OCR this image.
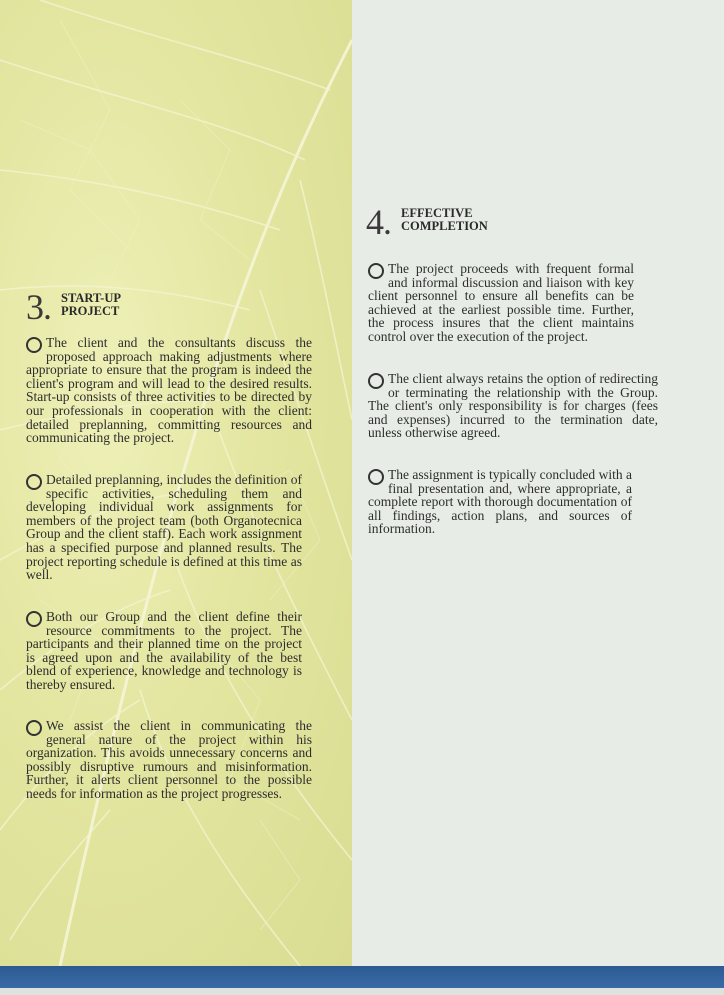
3. START-UP
PROJECT

The client and the consultants discuss the proposed approach making adjustments where appropriate to ensure that the program is indeed the client's program and will lead to the desired results. Start-up consists of three activities to be directed by our professionals in cooperation with the client: detailed preplanning, committing resources and communicating the project.

Detailed preplanning, includes the definition of specific activities, scheduling them and developing individual work assignments for members of the project team (both Organotecnica Group and the client staff). Each work assignment has a specified purpose and planned results. The project reporting schedule is defined at this time as well.

Both our Group and the client define their resource commitments to the project. The participants and their planned time on the project is agreed upon and the availability of the best blend of experience, knowledge and technology is thereby ensured.

We assist the client in communicating the general nature of the project within his organization. This avoids unnecessary concerns and possibly disruptive rumours and misinformation. Further, it alerts client personnel to the possible needs for information as the project progresses.

4. EFFECTIVE
COMPLETION

The project proceeds with frequent formal and informal discussion and liaison with key client personnel to ensure all benefits can be achieved at the earliest possible time. Further, the process insures that the client maintains control over the execution of the project.

The client always retains the option of redirecting or terminating the relationship with the Group. The client's only responsibility is for charges (fees and expenses) incurred to the termination date, unless otherwise agreed.

The assignment is typically concluded with a final presentation and, where appropriate, a complete report with thorough documentation of all findings, action plans, and sources of information.
